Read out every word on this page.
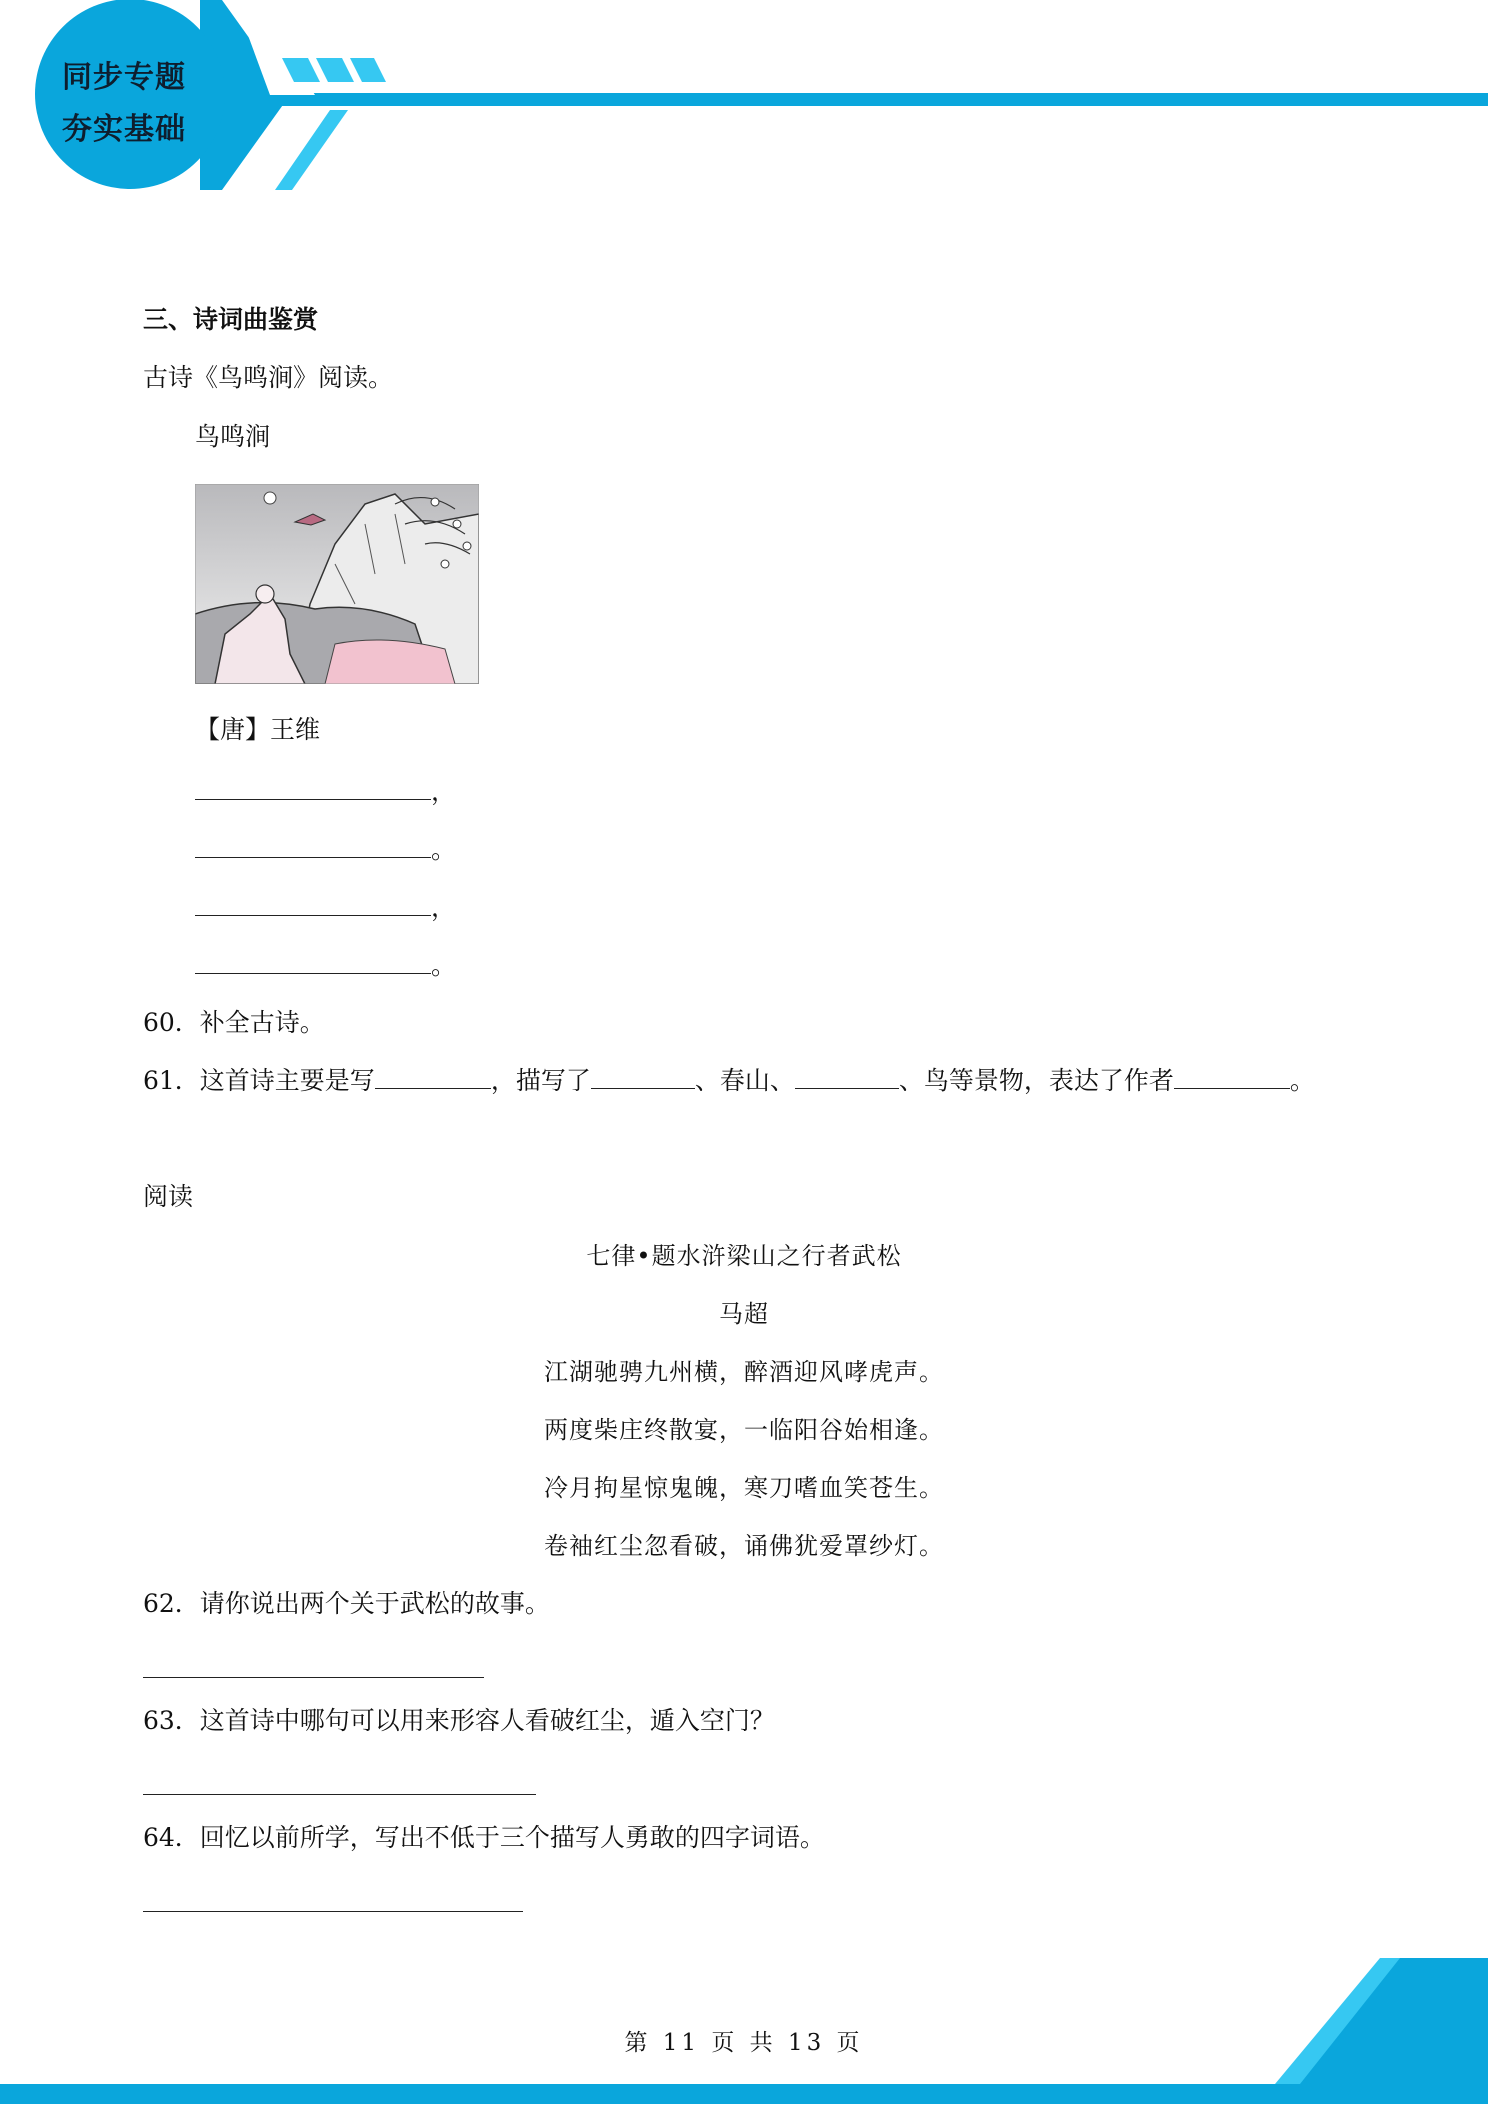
同步专题
夯实基础
三、诗词曲鉴赏
古诗《鸟鸣涧》阅读。
鸟鸣涧
【唐】王维
，
。
，
。
60．补全古诗。
61．这首诗主要是写	，描写了	、春山、	、鸟等景物，表达了作者	。
阅读
七律•题水浒梁山之行者武松
马超
江湖驰骋九州横，醉酒迎风哮虎声。
两度柴庄终散宴，一临阳谷始相逢。
冷月拘星惊鬼魄，寒刀嗜血笑苍生。
卷袖红尘忽看破，诵佛犹爱罩纱灯。
62．请你说出两个关于武松的故事。
63．这首诗中哪句可以用来形容人看破红尘，遁入空门？
64．回忆以前所学，写出不低于三个描写人勇敢的四字词语。
第 11 页 共 13 页
